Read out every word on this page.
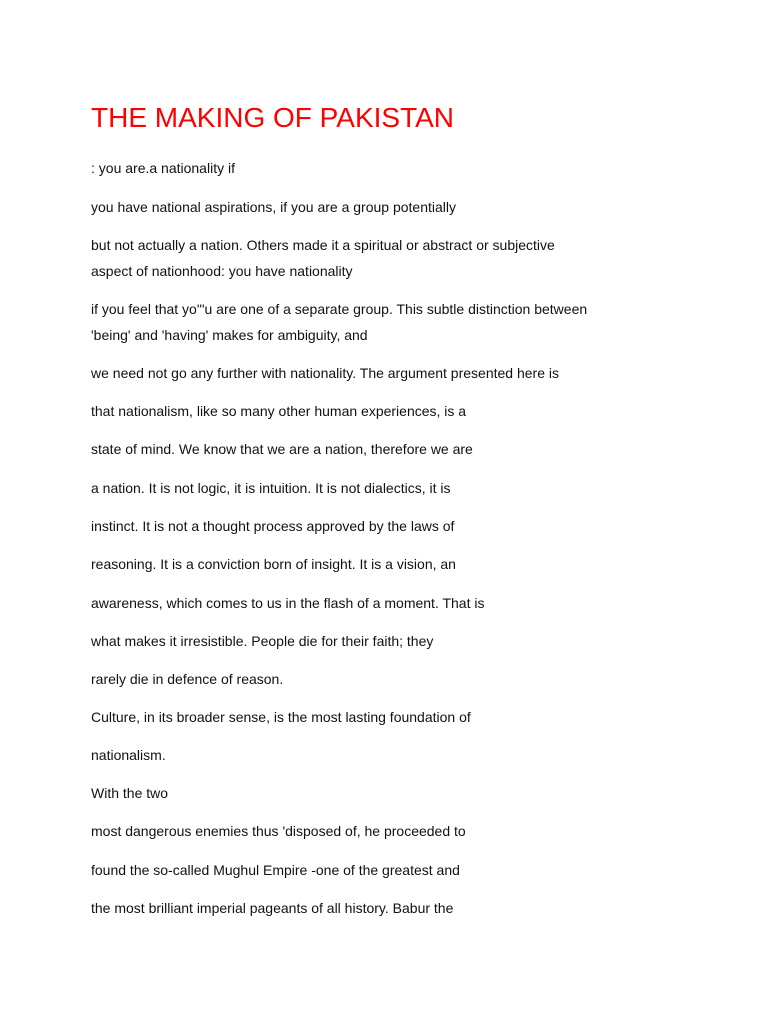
THE MAKING OF PAKISTAN

: you are.a nationality if

you have national aspirations, if you are a group potentially

but not actually a nation. Others made it a spiritual or abstract or subjective

aspect of nationhood: you have nationality

if you feel that yo'"u are one of a separate group. This subtle distinction between

'being' and 'having' makes for ambiguity, and

we need not go any further with nationality. The argument presented here is

that nationalism, like so many other human experiences, is a

state of mind. We know that we are a nation, therefore we are

a nation. It is not logic, it is intuition. It is not dialectics, it is

instinct. It is not a thought process approved by the laws of

reasoning. It is a conviction born of insight. It is a vision, an

awareness, which comes to us in the flash of a moment. That is

what makes it irresistible. People die for their faith; they

rarely die in defence of reason.

Culture, in its broader sense, is the most lasting foundation of

nationalism.

With the two

most dangerous enemies thus 'disposed of, he proceeded to

found the so-called Mughul Empire -one of the greatest and

the most brilliant imperial pageants of all history. Babur the
